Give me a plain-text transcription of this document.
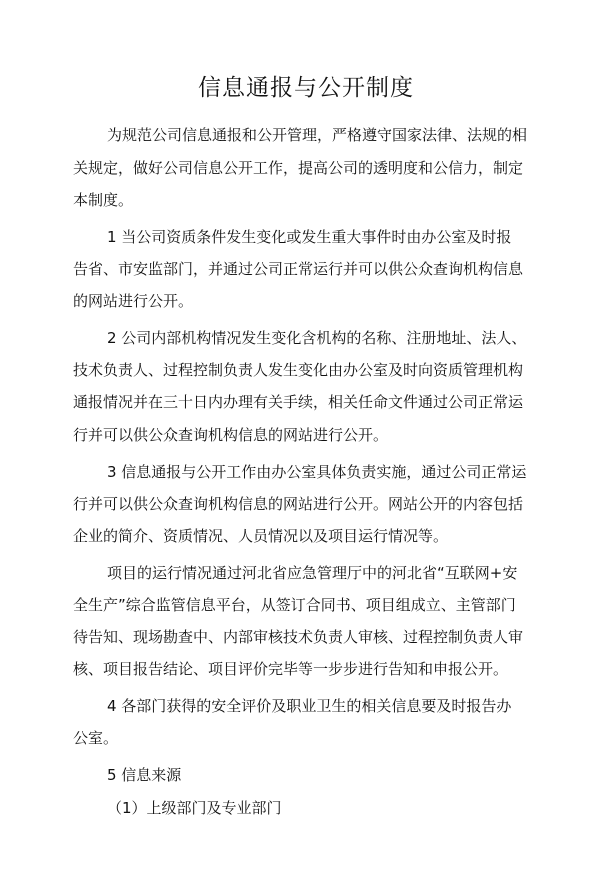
信息通报与公开制度
为规范公司信息通报和公开管理，严格遵守国家法律、法规的相
关规定，做好公司信息公开工作，提高公司的透明度和公信力，制定
本制度。
1 当公司资质条件发生变化或发生重大事件时由办公室及时报
告省、市安监部门，并通过公司正常运行并可以供公众查询机构信息
的网站进行公开。
2 公司内部机构情况发生变化含机构的名称、注册地址、法人、
技术负责人、过程控制负责人发生变化由办公室及时向资质管理机构
通报情况并在三十日内办理有关手续，相关任命文件通过公司正常运
行并可以供公众查询机构信息的网站进行公开。
3 信息通报与公开工作由办公室具体负责实施，通过公司正常运
行并可以供公众查询机构信息的网站进行公开。网站公开的内容包括
企业的简介、资质情况、人员情况以及项目运行情况等。
项目的运行情况通过河北省应急管理厅中的河北省“互联网+安
全生产”综合监管信息平台，从签订合同书、项目组成立、主管部门
待告知、现场勘查中、内部审核技术负责人审核、过程控制负责人审
核、项目报告结论、项目评价完毕等一步步进行告知和申报公开。
4 各部门获得的安全评价及职业卫生的相关信息要及时报告办
公室。
5 信息来源
（1）上级部门及专业部门
